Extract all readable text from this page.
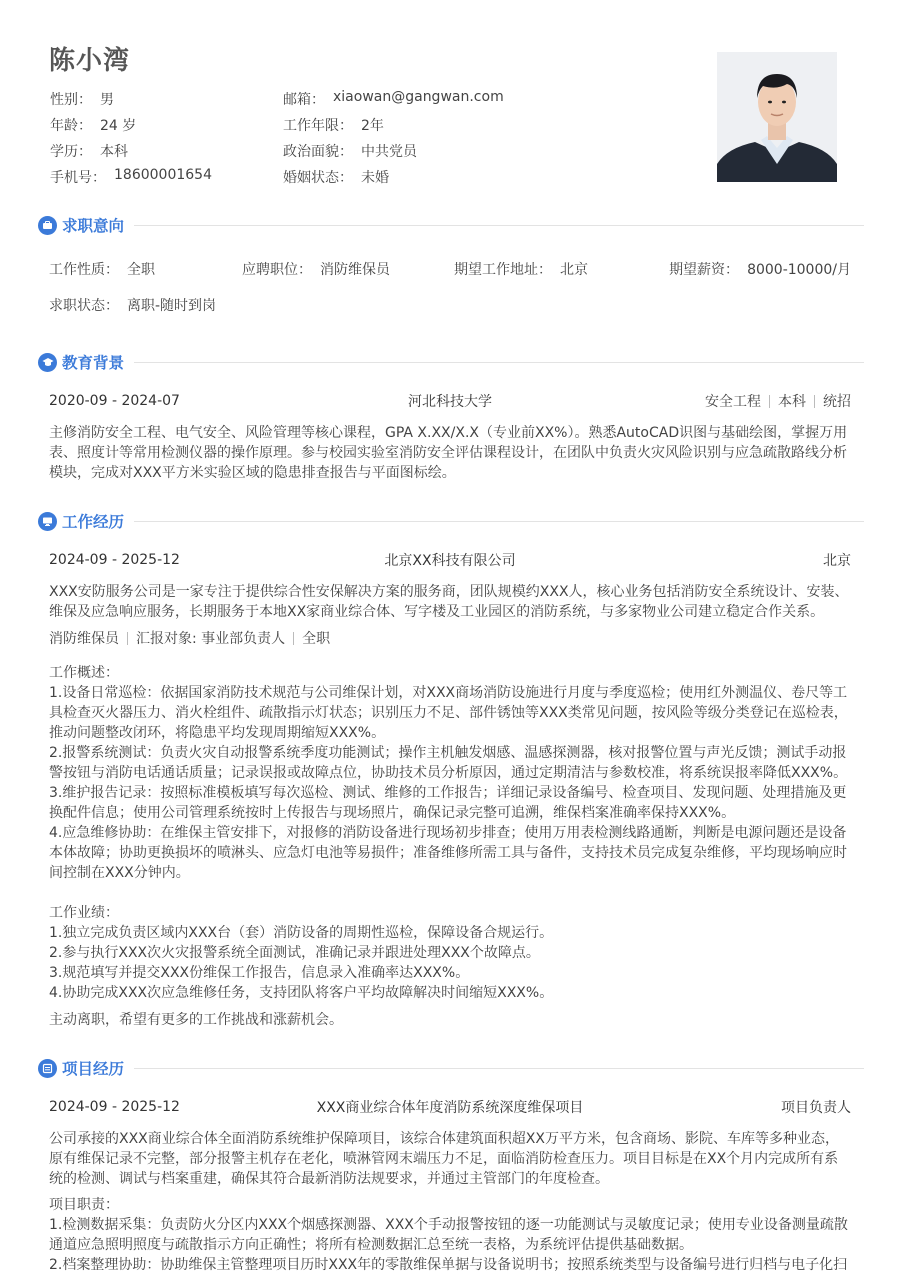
陈小湾
性别： 男	邮箱： xiaowan@gangwan.com
年龄： 24 岁	工作年限： 2年
学历： 本科	政治面貌： 中共党员
手机号： 18600001654	婚姻状态： 未婚
求职意向
工作性质： 全职	应聘职位： 消防维保员	期望工作地址： 北京	期望薪资： 8000-10000/月
求职状态： 离职-随时到岗
教育背景
2020-09 - 2024-07	河北科技大学	安全工程 本科 统招
主修消防安全工程、电气安全、风险管理等核心课程，GPA X.XX/X.X（专业前XX%）。熟悉AutoCAD识图与基础绘图，掌握万用表、照度计等常用检测仪器的操作原理。参与校园实验室消防安全评估课程设计，在团队中负责火灾风险识别与应急疏散路线分析模块，完成对XXX平方米实验区域的隐患排查报告与平面图标绘。
工作经历
2024-09 - 2025-12	北京XX科技有限公司	北京
XXX安防服务公司是一家专注于提供综合性安保解决方案的服务商，团队规模约XXX人，核心业务包括消防安全系统设计、安装、维保及应急响应服务，长期服务于本地XX家商业综合体、写字楼及工业园区的消防系统，与多家物业公司建立稳定合作关系。
消防维保员 汇报对象: 事业部负责人 全职
工作概述：
1.设备日常巡检：依据国家消防技术规范与公司维保计划，对XXX商场消防设施进行月度与季度巡检；使用红外测温仪、卷尺等工具检查灭火器压力、消火栓组件、疏散指示灯状态；识别压力不足、部件锈蚀等XXX类常见问题，按风险等级分类登记在巡检表，推动问题整改闭环，将隐患平均发现周期缩短XXX%。
2.报警系统测试：负责火灾自动报警系统季度功能测试；操作主机触发烟感、温感探测器，核对报警位置与声光反馈；测试手动报警按钮与消防电话通话质量；记录误报或故障点位，协助技术员分析原因，通过定期清洁与参数校准，将系统误报率降低XXX%。
3.维护报告记录：按照标准模板填写每次巡检、测试、维修的工作报告；详细记录设备编号、检查项目、发现问题、处理措施及更换配件信息；使用公司管理系统按时上传报告与现场照片，确保记录完整可追溯，维保档案准确率保持XXX%。
4.应急维修协助：在维保主管安排下，对报修的消防设备进行现场初步排查；使用万用表检测线路通断，判断是电源问题还是设备本体故障；协助更换损坏的喷淋头、应急灯电池等易损件；准备维修所需工具与备件，支持技术员完成复杂维修，平均现场响应时间控制在XXX分钟内。
工作业绩：
1.独立完成负责区域内XXX台（套）消防设备的周期性巡检，保障设备合规运行。
2.参与执行XXX次火灾报警系统全面测试，准确记录并跟进处理XXX个故障点。
3.规范填写并提交XXX份维保工作报告，信息录入准确率达XXX%。
4.协助完成XXX次应急维修任务，支持团队将客户平均故障解决时间缩短XXX%。
主动离职，希望有更多的工作挑战和涨薪机会。
项目经历
2024-09 - 2025-12	XXX商业综合体年度消防系统深度维保项目	项目负责人
公司承接的XXX商业综合体全面消防系统维护保障项目，该综合体建筑面积超XX万平方米，包含商场、影院、车库等多种业态，原有维保记录不完整，部分报警主机存在老化，喷淋管网末端压力不足，面临消防检查压力。项目目标是在XX个月内完成所有系统的检测、调试与档案重建，确保其符合最新消防法规要求，并通过主管部门的年度检查。
项目职责：
1.检测数据采集：负责防火分区内XXX个烟感探测器、XXX个手动报警按钮的逐一功能测试与灵敏度记录；使用专业设备测量疏散通道应急照明照度与疏散指示方向正确性；将所有检测数据汇总至统一表格，为系统评估提供基础数据。
2.档案整理协助：协助维保主管整理项目历时XXX年的零散维保单据与设备说明书；按照系统类型与设备编号进行归档与电子化扫
